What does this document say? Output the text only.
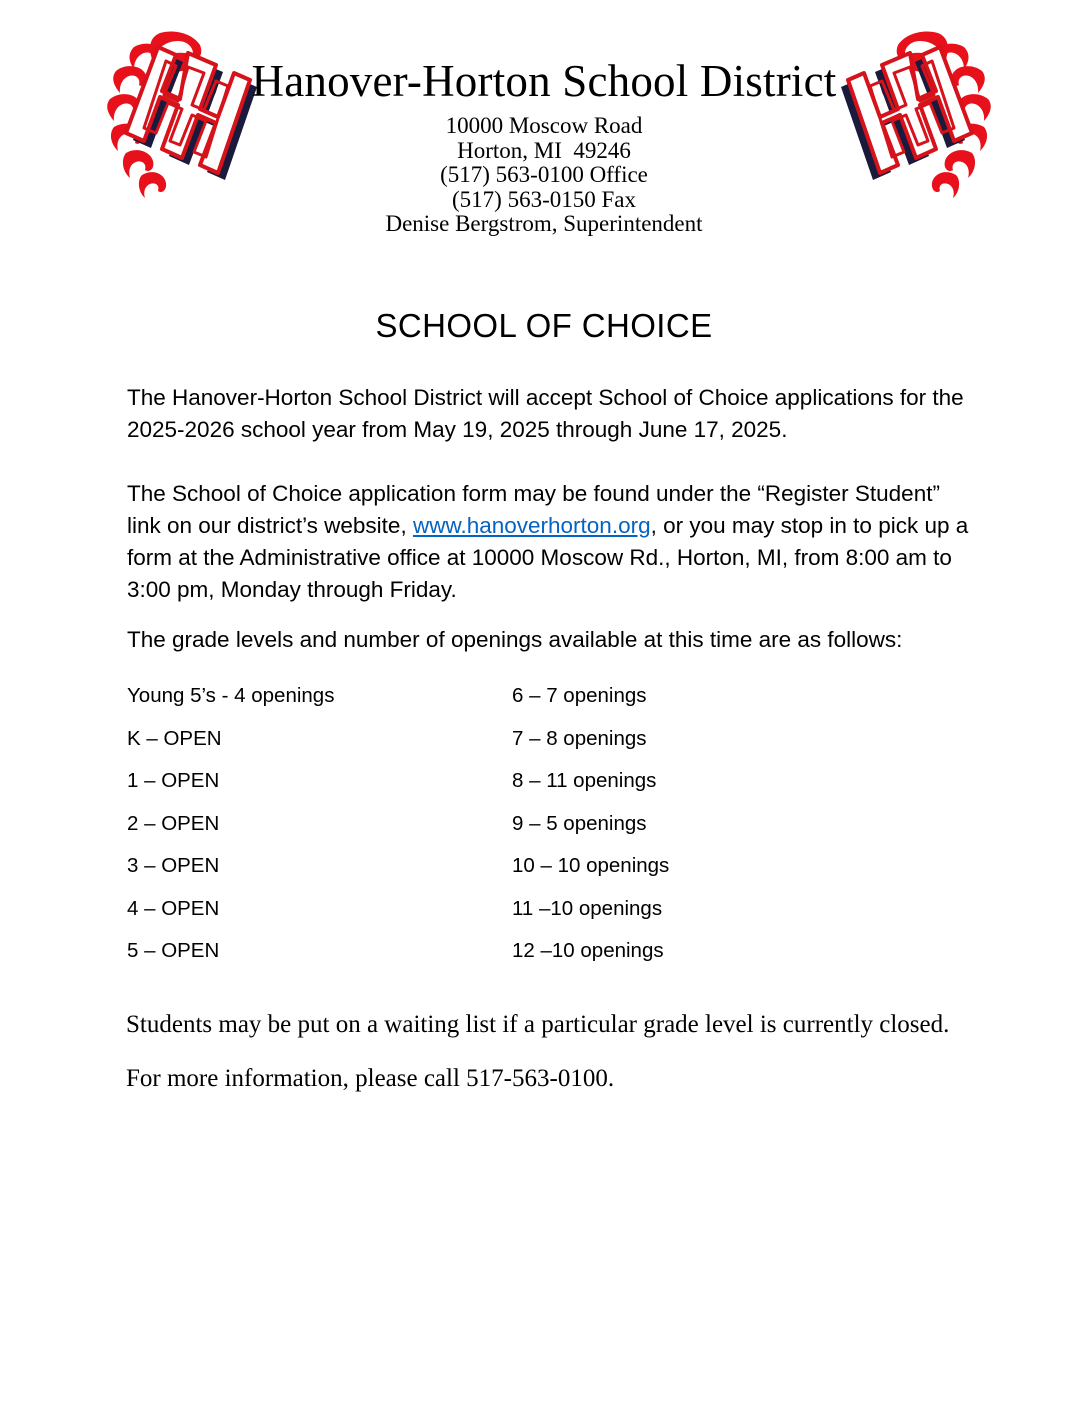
Hanover-Horton School District
10000 Moscow Road
Horton, MI  49246
(517) 563-0100 Office
(517) 563-0150 Fax
Denise Bergstrom, Superintendent
SCHOOL OF CHOICE

The Hanover-Horton School District will accept School of Choice applications for the 2025-2026 school year from May 19, 2025 through June 17, 2025.

The School of Choice application form may be found under the “Register Student” link on our district’s website, www.hanoverhorton.org, or you may stop in to pick up a form at the Administrative office at 10000 Moscow Rd., Horton, MI, from 8:00 am to 3:00 pm, Monday through Friday.

The grade levels and number of openings available at this time are as follows:

Young 5’s - 4 openings	6 – 7 openings
K – OPEN	7 – 8 openings
1 – OPEN	8 – 11 openings
2 – OPEN	9 – 5 openings
3 – OPEN	10 – 10 openings
4 – OPEN	11 –10 openings
5 – OPEN	12 –10 openings

Students may be put on a waiting list if a particular grade level is currently closed.

For more information, please call 517-563-0100.
